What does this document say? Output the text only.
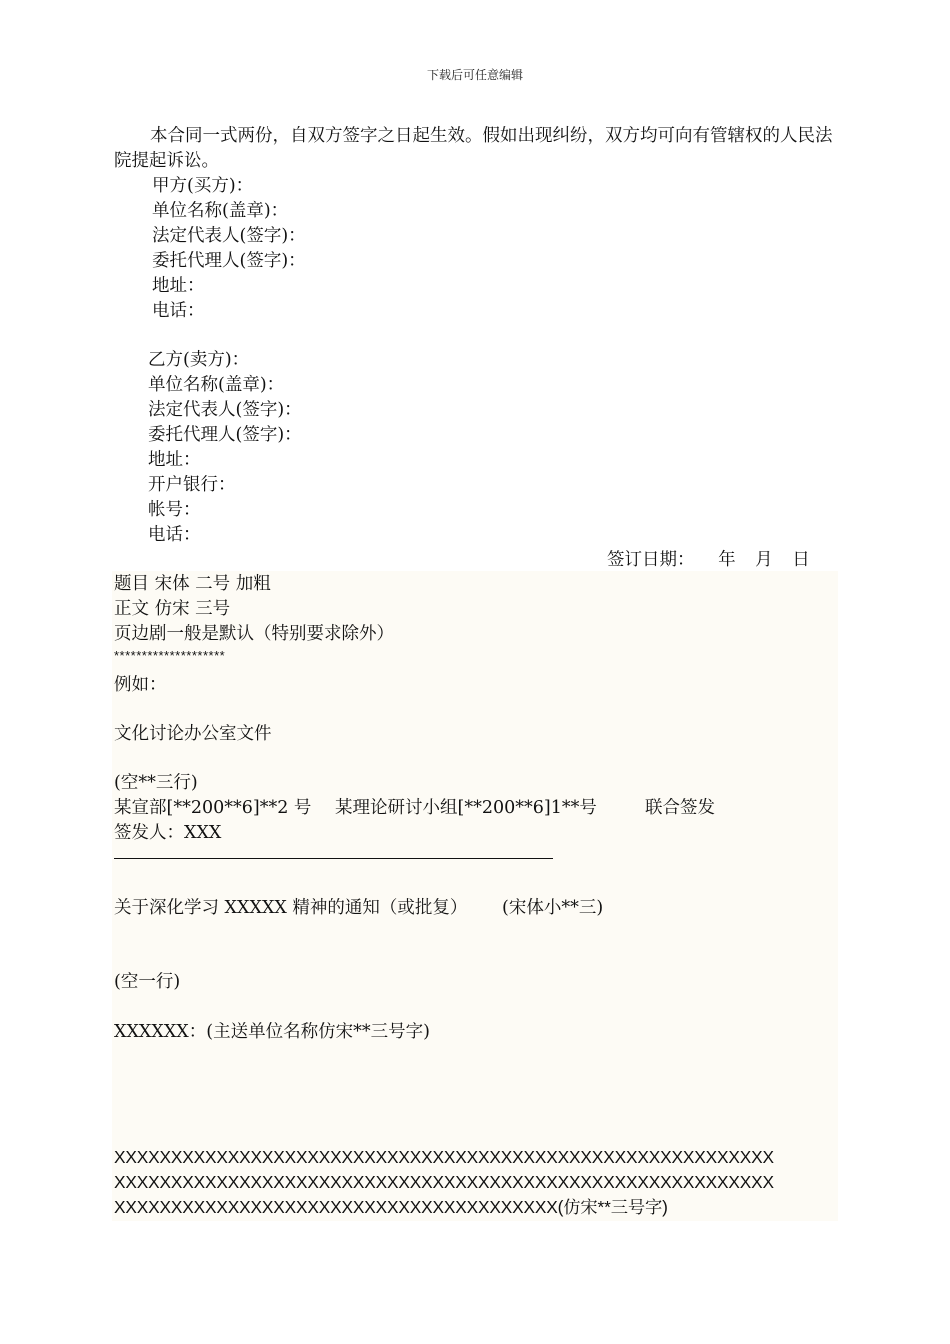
下载后可任意编辑
本合同一式两份，自双方签字之日起生效。假如出现纠纷，双方均可向有管辖权的人民法院提起诉讼。
甲方(买方)：
单位名称(盖章)：
法定代表人(签字)：
委托代理人(签字)：
地址：
电话：
乙方(卖方)：
单位名称(盖章)：
法定代表人(签字)：
委托代理人(签字)：
地址：
开户银行：
帐号：
电话：
签订日期： 年 月 日
题目 宋体 二号 加粗
正文 仿宋 三号
页边剧一般是默认（特别要求除外）
********************
例如：
文化讨论办公室文件
(空**三行)
某宣部[**200**6]**2 号 某理论研讨小组[**200**6]1**号	联合签发
签发人：XXX
关于深化学习 XXXXX 精神的通知（或批复） (宋体小**三)
(空一行)
XXXXXX：(主送单位名称仿宋**三号字)
XXXXXXXXXXXXXXXXXXXXXXXXXXXXXXXXXXXXXXXXXXXXXXXXXXXXXXXXXX
XXXXXXXXXXXXXXXXXXXXXXXXXXXXXXXXXXXXXXXXXXXXXXXXXXXXXXXXXX
XXXXXXXXXXXXXXXXXXXXXXXXXXXXXXXXXXXXXXX(仿宋**三号字)
